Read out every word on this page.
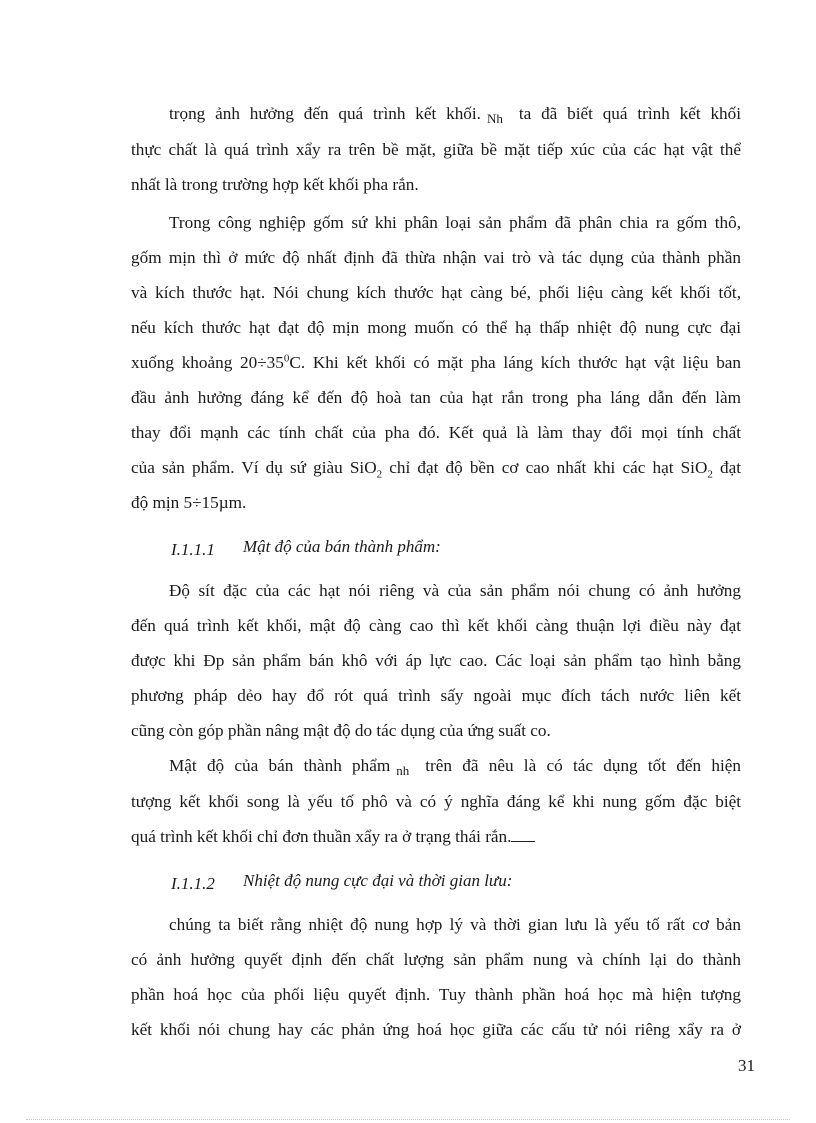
trọng ảnh hưởng đến quá trình kết khối. $_{Nh}$ ta đã biết quá trình kết khối
thực chất là quá trình xẩy ra trên bề mặt, giữa bề mặt tiếp xúc của các hạt vật thể
nhất là trong trường hợp kết khối pha rắn.
Trong công nghiệp gốm sứ khi phân loại sản phẩm đã phân chia ra gốm thô,
gốm mịn thì ở mức độ nhất định đã thừa nhận vai trò và tác dụng của thành phần
và kích thước hạt. Nói chung kích thước hạt càng bé, phối liệu càng kết khối tốt,
nếu kích thước hạt đạt độ mịn mong muốn có thể hạ thấp nhiệt độ nung cực đại
xuống khoảng $20\div 35^0C$. Khi kết khối có mặt pha láng kích thước hạt vật liệu ban
đầu ảnh hưởng đáng kể đến độ hoà tan của hạt rắn trong pha láng dẫn đến làm
thay đổi mạnh các tính chất của pha đó. Kết quả là làm thay đổi mọi tính chất
của sản phẩm. Ví dụ sứ giàu SiO$_2$ chỉ đạt độ bền cơ cao nhất khi các hạt SiO$_2$ đạt
độ mịn 5÷15µm.
I.1.1.1 Mật độ của bán thành phẩm:
Độ sít đặc của các hạt nói riêng và của sản phẩm nói chung có ảnh hưởng
đến quá trình kết khối, mật độ càng cao thì kết khối càng thuận lợi điều này đạt
được khi Đp sản phẩm bán khô với áp lực cao. Các loại sản phẩm tạo hình bằng
phương pháp dẻo hay đổ rót quá trình sấy ngoài mục đích tách nước liên kết
cũng còn góp phần nâng mật độ do tác dụng của ứng suất co.
Mật độ của bán thành phẩm $_{nh}$ trên đã nêu là có tác dụng tốt đến hiện
tượng kết khối song là yếu tố phô và có ý nghĩa đáng kể khi nung gốm đặc biệt
quá trình kết khối chỉ đơn thuần xẩy ra ở trạng thái rắn.
I.1.1.2 Nhiệt độ nung cực đại và thời gian lưu:
chúng ta biết rằng nhiệt độ nung hợp lý và thời gian lưu là yếu tố rất cơ bản
có ảnh hưởng quyết định đến chất lượng sản phẩm nung và chính lại do thành
phần hoá học của phối liệu quyết định. Tuy thành phần hoá học mà hiện tượng
kết khối nói chung hay các phản ứng hoá học giữa các cấu tử nói riêng xẩy ra ở
31
